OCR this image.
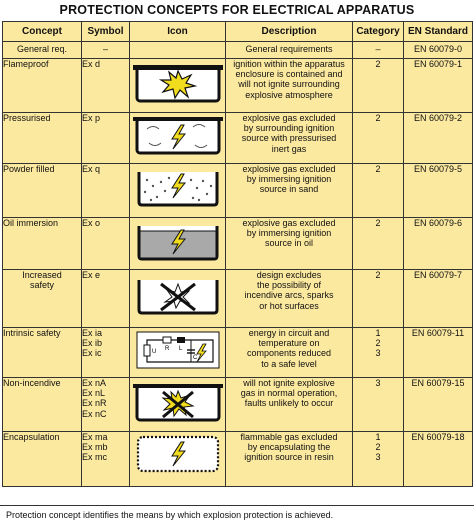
PROTECTION CONCEPTS FOR ELECTRICAL APPARATUS
Concept	Symbol	Icon	Description	Category	EN Standard

General req.	–		General requirements	–	EN 60079-0

Flameproof	Ex d		ignition within the apparatus
enclosure is contained and
will not ignite surrounding
explosive atmosphere	2	EN 60079-1

Pressurised	Ex p		explosive gas excluded
by surrounding ignition
source with pressurised
inert gas	2	EN 60079-2

Powder filled	Ex q		explosive gas excluded
by immersing ignition
source in sand	2	EN 60079-5

Oil immersion	Ex o		explosive gas excluded
by immersing ignition
source in oil	2	EN 60079-6

Increased
safety	Ex e		design excludes
the possibility of
incendive arcs, sparks
or hot surfaces	2	EN 60079-7

Intrinsic safety	Ex ia
Ex ib
Ex ic	U R L
C	energy in circuit and
temperature on
components reduced
to a safe level	1
2
3	EN 60079-11

Non-incendive	Ex nA
Ex nL
Ex nR
Ex nC		will not ignite explosive
gas in normal operation,
faults unlikely to occur	3	EN 60079-15

Encapsulation	Ex ma
Ex mb
Ex mc		flammable gas excluded
by encapsulating the
ignition source in resin	1
2
3	EN 60079-18
Protection concept identifies the means by which explosion protection is achieved.
